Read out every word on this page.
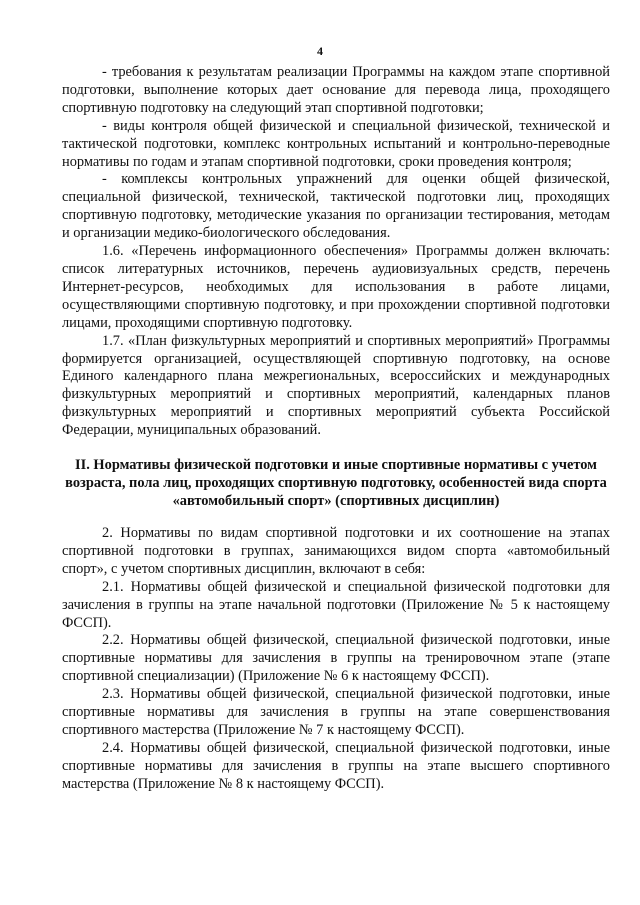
4

- требования к результатам реализации Программы на каждом этапе спортивной подготовки, выполнение которых дает основание для перевода лица, проходящего спортивную подготовку на следующий этап спортивной подготовки;

- виды контроля общей физической и специальной физической, технической и тактической подготовки, комплекс контрольных испытаний и контрольно-переводные нормативы по годам и этапам спортивной подготовки, сроки проведения контроля;

- комплексы контрольных упражнений для оценки общей физической, специальной физической, технической, тактической подготовки лиц, проходящих спортивную подготовку, методические указания по организации тестирования, методам и организации медико-биологического обследования.

1.6. «Перечень информационного обеспечения» Программы должен включать: список литературных источников, перечень аудиовизуальных средств, перечень Интернет-ресурсов, необходимых для использования в работе лицами, осуществляющими спортивную подготовку, и при прохождении спортивной подготовки лицами, проходящими спортивную подготовку.

1.7. «План физкультурных мероприятий и спортивных мероприятий» Программы формируется организацией, осуществляющей спортивную подготовку, на основе Единого календарного плана межрегиональных, всероссийских и международных физкультурных мероприятий и спортивных мероприятий, календарных планов физкультурных мероприятий и спортивных мероприятий субъекта Российской Федерации, муниципальных образований.

II. Нормативы физической подготовки и иные спортивные нормативы с учетом возраста, пола лиц, проходящих спортивную подготовку, особенностей вида спорта «автомобильный спорт» (спортивных дисциплин)

2. Нормативы по видам спортивной подготовки и их соотношение на этапах спортивной подготовки в группах, занимающихся видом спорта «автомобильный спорт», с учетом спортивных дисциплин, включают в себя:

2.1. Нормативы общей физической и специальной физической подготовки для зачисления в группы на этапе начальной подготовки (Приложение № 5 к настоящему ФССП).

2.2. Нормативы общей физической, специальной физической подготовки, иные спортивные нормативы для зачисления в группы на тренировочном этапе (этапе спортивной специализации) (Приложение № 6 к настоящему ФССП).

2.3. Нормативы общей физической, специальной физической подготовки, иные спортивные нормативы для зачисления в группы на этапе совершенствования спортивного мастерства (Приложение № 7 к настоящему ФССП).

2.4. Нормативы общей физической, специальной физической подготовки, иные спортивные нормативы для зачисления в группы на этапе высшего спортивного мастерства (Приложение № 8 к настоящему ФССП).
